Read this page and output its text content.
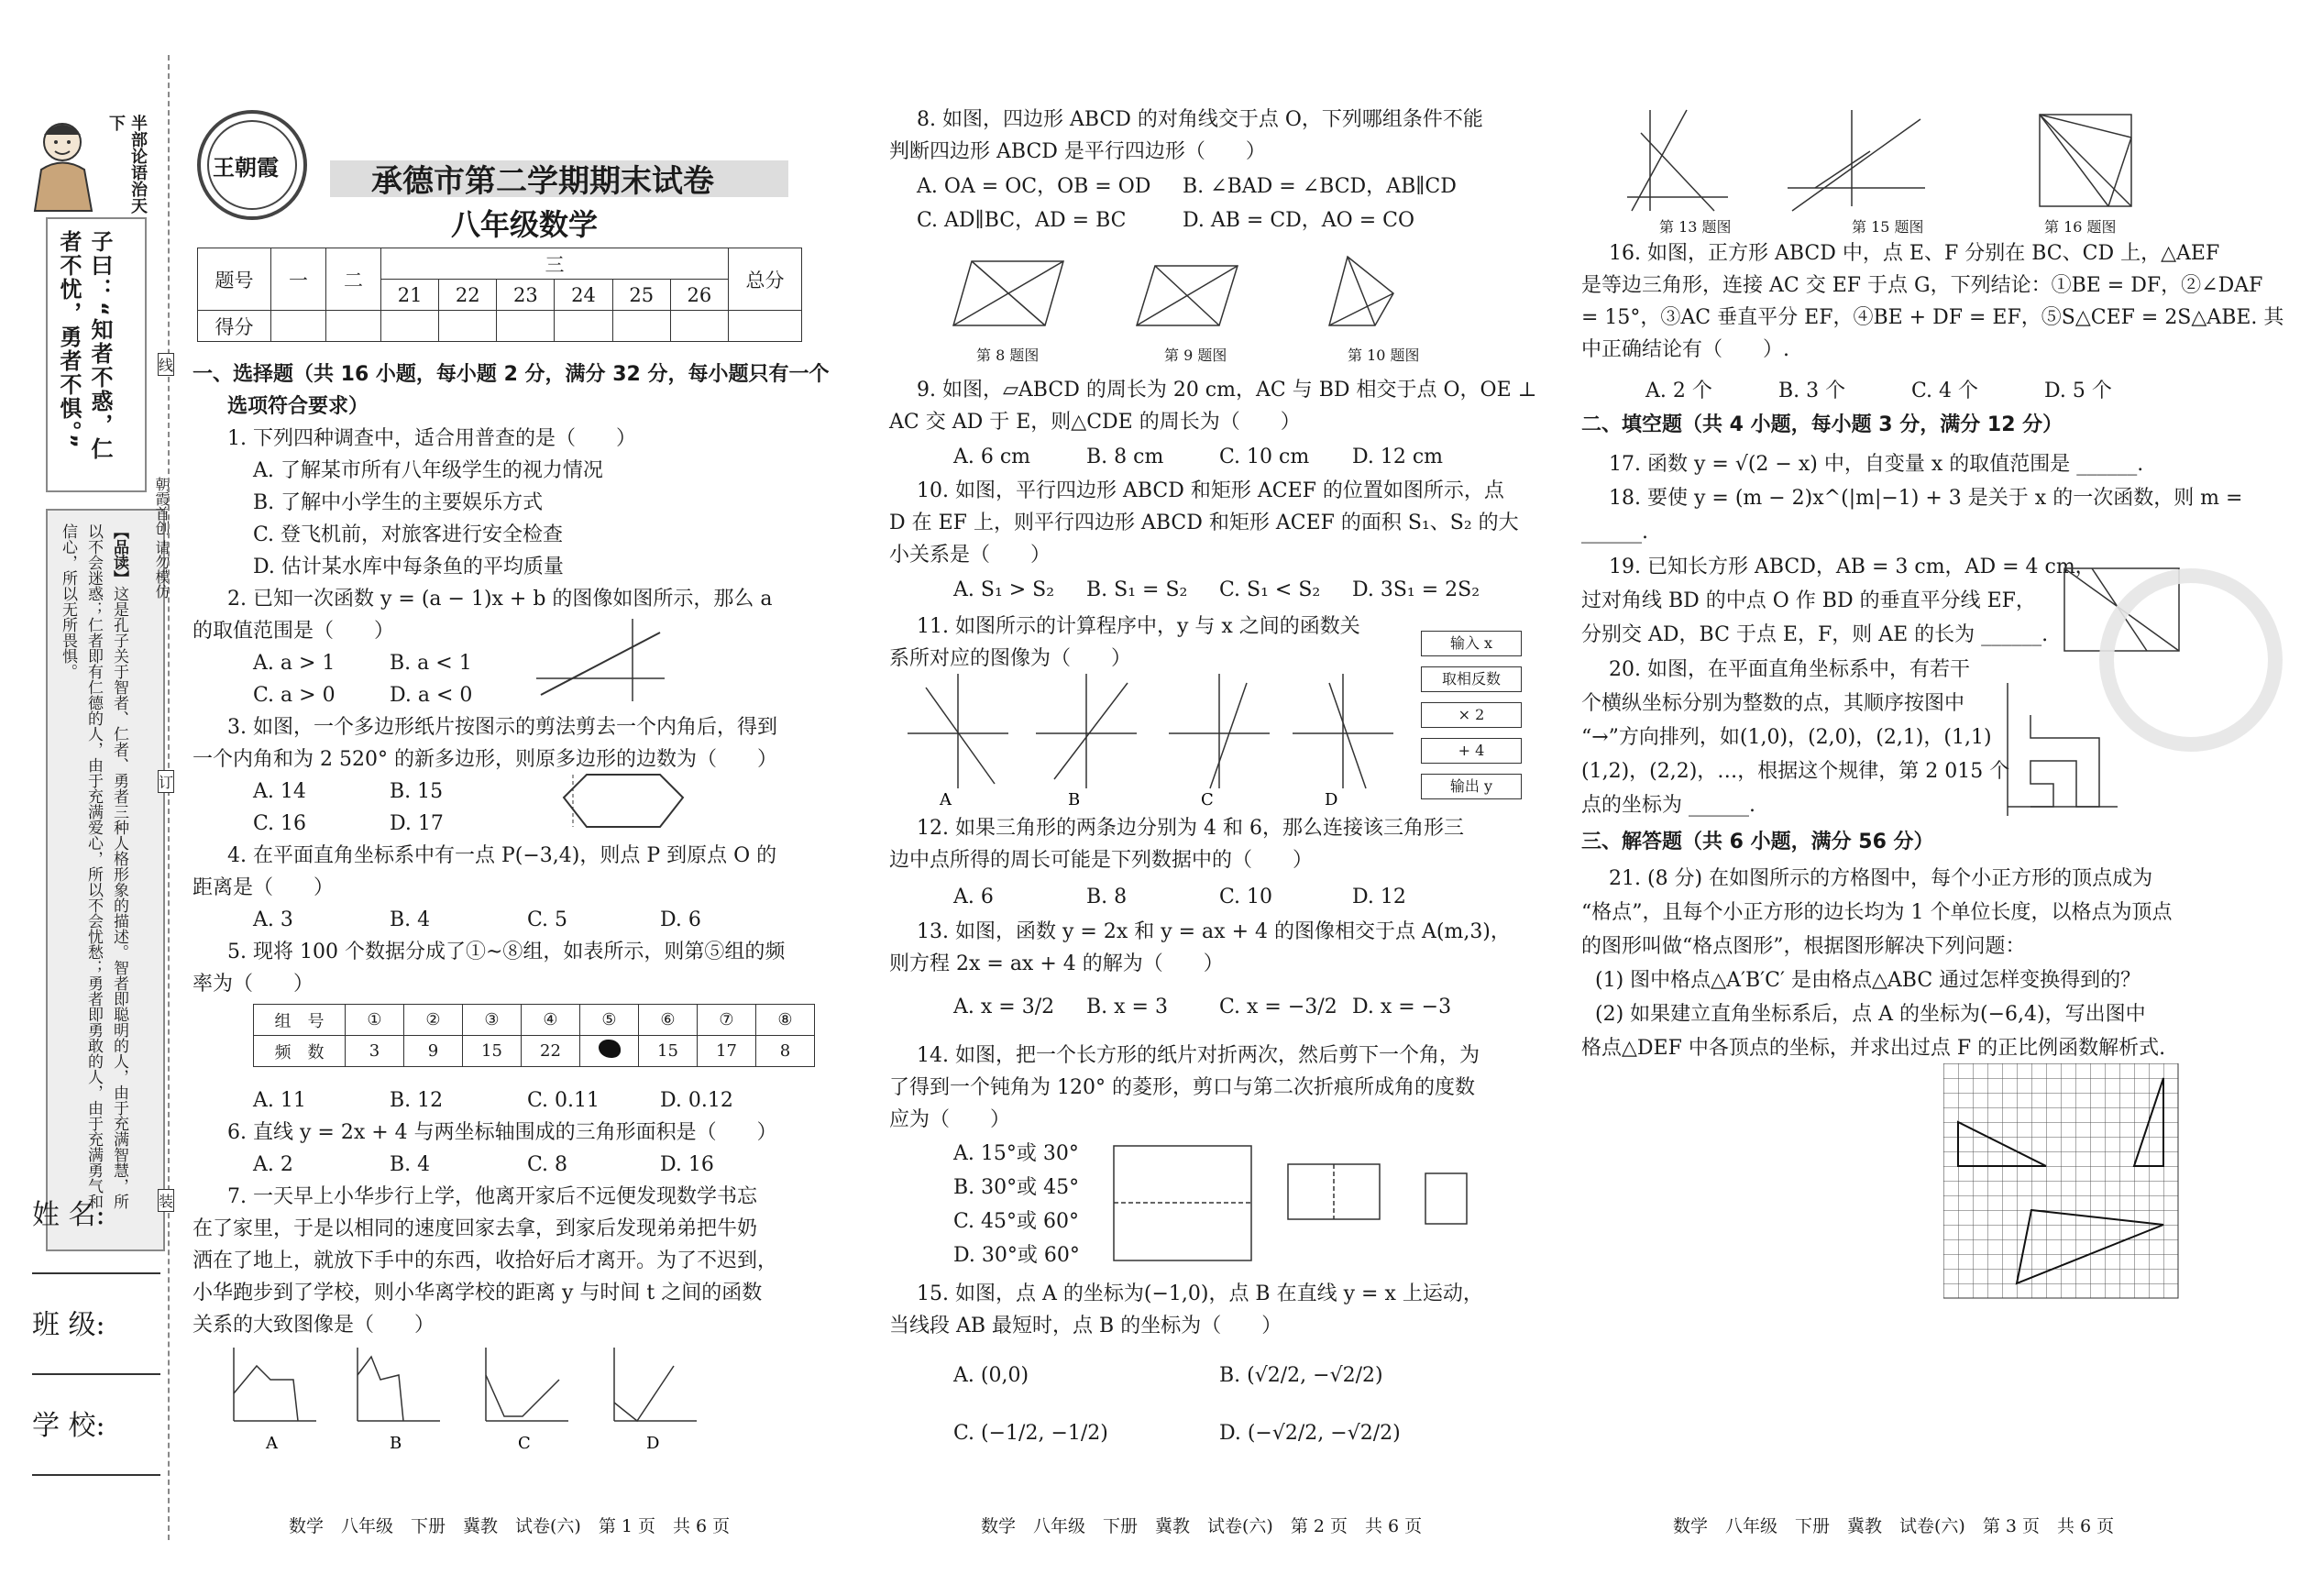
半部论语治天下
子曰：“知者不惑，仁者不忧，勇者不惧。”
【品读】这是孔子关于智者、仁者、勇者三种人格形象的描述。智者即聪明的人，由于充满智慧，所以不会迷惑；仁者即有仁德的人，由于充满爱心，所以不会忧愁；勇者即勇敢的人，由于充满勇气和信心，所以无所畏惧。	朝霞首创 请勿模仿
线
订
装
姓 名:
班 级:
学 校:
王朝霞	承德市第二学期期末试卷
八年级数学
题号	一	二	三						总分
			21	22	23	24	25	26	
得分									
一、选择题（共 16 小题，每小题 2 分，满分 32 分，每小题只有一个
选项符合要求）
1. 下列四种调查中，适合用普查的是（　　）
A. 了解某市所有八年级学生的视力情况
B. 了解中小学生的主要娱乐方式
C. 登飞机前，对旅客进行安全检查
D. 估计某水库中每条鱼的平均质量
2. 已知一次函数 y = (a − 1)x + b 的图像如图所示，那么 a
的取值范围是（　　）
A. a > 1	B. a < 1
C. a > 0	D. a < 0
3. 如图，一个多边形纸片按图示的剪法剪去一个内角后，得到
一个内角和为 2 520° 的新多边形，则原多边形的边数为（　　）
A. 14	B. 15
C. 16	D. 17
4. 在平面直角坐标系中有一点 P(−3,4)，则点 P 到原点 O 的
距离是（　　）
A. 3	B. 4	C. 5	D. 6
5. 现将 100 个数据分成了①~⑧组，如表所示，则第⑤组的频
率为（　　）
组　号	①	②	③	④	⑤	⑥	⑦	⑧
频　数	3	9	15	22		15	17	8
A. 11	B. 12	C. 0.11	D. 0.12
6. 直线 y = 2x + 4 与两坐标轴围成的三角形面积是（　　）
A. 2	B. 4	C. 8	D. 16
7. 一天早上小华步行上学，他离开家后不远便发现数学书忘
在了家里，于是以相同的速度回家去拿，到家后发现弟弟把牛奶
洒在了地上，就放下手中的东西，收拾好后才离开。为了不迟到，
小华跑步到了学校，则小华离学校的距离 y 与时间 t 之间的函数
关系的大致图像是（　　）
A	B	C	D
数学　八年级　下册　冀教　试卷(六)　第 1 页　共 6 页
8. 如图，四边形 ABCD 的对角线交于点 O，下列哪组条件不能
判断四边形 ABCD 是平行四边形（　　）
A. OA = OC，OB = OD B. ∠BAD = ∠BCD，AB∥CD
C. AD∥BC，AD = BC	D. AB = CD，AO = CO
第 8 题图	第 9 题图	第 10 题图
9. 如图，▱ABCD 的周长为 20 cm，AC 与 BD 相交于点 O，OE ⊥
AC 交 AD 于 E，则△CDE 的周长为（　　）
A. 6 cm	B. 8 cm	C. 10 cm D. 12 cm
10. 如图，平行四边形 ABCD 和矩形 ACEF 的位置如图所示，点
D 在 EF 上，则平行四边形 ABCD 和矩形 ACEF 的面积 S₁、S₂ 的大
小关系是（　　）
A. S₁ > S₂ B. S₁ = S₂ C. S₁ < S₂ D. 3S₁ = 2S₂
11. 如图所示的计算程序中，y 与 x 之间的函数关
系所对应的图像为（　　）
A	B	C	D
输入 x
取相反数
× 2
+ 4
输出 y
12. 如果三角形的两条边分别为 4 和 6，那么连接该三角形三
边中点所得的周长可能是下列数据中的（　　）
A. 6	B. 8	C. 10	D. 12
13. 如图，函数 y = 2x 和 y = ax + 4 的图像相交于点 A(m,3)，
则方程 2x = ax + 4 的解为（　　）
A. x = 3/2 B. x = 3	C. x = −3/2 D. x = −3
14. 如图，把一个长方形的纸片对折两次，然后剪下一个角，为
了得到一个钝角为 120° 的菱形，剪口与第二次折痕所成角的度数
应为（　　）
A. 15°或 30°
B. 30°或 45°
C. 45°或 60°
D. 30°或 60°
15. 如图，点 A 的坐标为(−1,0)，点 B 在直线 y = x 上运动，
当线段 AB 最短时，点 B 的坐标为（　　）
A. (0,0)	B. (√2/2, −√2/2)
C. (−1/2, −1/2)	D. (−√2/2, −√2/2)
数学　八年级　下册　冀教　试卷(六)　第 2 页　共 6 页
第 13 题图	第 15 题图	第 16 题图
16. 如图，正方形 ABCD 中，点 E、F 分别在 BC、CD 上，△AEF
是等边三角形，连接 AC 交 EF 于点 G，下列结论：①BE = DF，②∠DAF
= 15°，③AC 垂直平分 EF，④BE + DF = EF，⑤S△CEF = 2S△ABE. 其
中正确结论有（　　）.
A. 2 个	B. 3 个	C. 4 个	D. 5 个
二、填空题（共 4 小题，每小题 3 分，满分 12 分）
17. 函数 y = √(2 − x) 中，自变量 x 的取值范围是 ______.
18. 要使 y = (m − 2)x^(|m|−1) + 3 是关于 x 的一次函数，则 m =
______.
19. 已知长方形 ABCD，AB = 3 cm，AD = 4 cm，
过对角线 BD 的中点 O 作 BD 的垂直平分线 EF，
分别交 AD，BC 于点 E，F，则 AE 的长为 ______.
20. 如图，在平面直角坐标系中，有若干
个横纵坐标分别为整数的点，其顺序按图中
“→”方向排列，如(1,0)，(2,0)，(2,1)，(1,1)
(1,2)，(2,2)，…，根据这个规律，第 2 015 个
点的坐标为 ______.
三、解答题（共 6 小题，满分 56 分）
21. (8 分) 在如图所示的方格图中，每个小正方形的顶点成为
“格点”，且每个小正方形的边长均为 1 个单位长度，以格点为顶点
的图形叫做“格点图形”，根据图形解决下列问题：
(1) 图中格点△A′B′C′ 是由格点△ABC 通过怎样变换得到的？
(2) 如果建立直角坐标系后，点 A 的坐标为(−6,4)，写出图中
格点△DEF 中各顶点的坐标，并求出过点 F 的正比例函数解析式.
数学　八年级　下册　冀教　试卷(六)　第 3 页　共 6 页
